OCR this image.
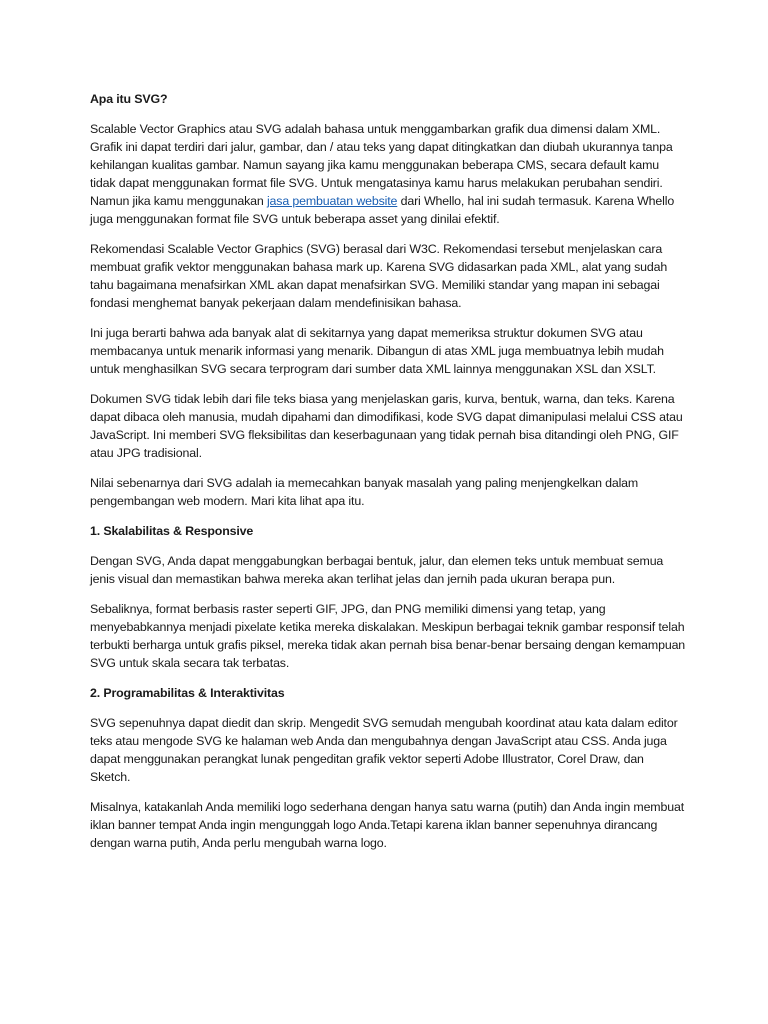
Apa itu SVG?

Scalable Vector Graphics atau SVG adalah bahasa untuk menggambarkan grafik dua dimensi dalam XML. Grafik ini dapat terdiri dari jalur, gambar, dan / atau teks yang dapat ditingkatkan dan diubah ukurannya tanpa kehilangan kualitas gambar. Namun sayang jika kamu menggunakan beberapa CMS, secara default kamu tidak dapat menggunakan format file SVG. Untuk mengatasinya kamu harus melakukan perubahan sendiri. Namun jika kamu menggunakan jasa pembuatan website dari Whello, hal ini sudah termasuk. Karena Whello juga menggunakan format file SVG untuk beberapa asset yang dinilai efektif.

Rekomendasi Scalable Vector Graphics (SVG) berasal dari W3C. Rekomendasi tersebut menjelaskan cara membuat grafik vektor menggunakan bahasa mark up. Karena SVG didasarkan pada XML, alat yang sudah tahu bagaimana menafsirkan XML akan dapat menafsirkan SVG. Memiliki standar yang mapan ini sebagai fondasi menghemat banyak pekerjaan dalam mendefinisikan bahasa.

Ini juga berarti bahwa ada banyak alat di sekitarnya yang dapat memeriksa struktur dokumen SVG atau membacanya untuk menarik informasi yang menarik. Dibangun di atas XML juga membuatnya lebih mudah untuk menghasilkan SVG secara terprogram dari sumber data XML lainnya menggunakan XSL dan XSLT.

Dokumen SVG tidak lebih dari file teks biasa yang menjelaskan garis, kurva, bentuk, warna, dan teks. Karena dapat dibaca oleh manusia, mudah dipahami dan dimodifikasi, kode SVG dapat dimanipulasi melalui CSS atau JavaScript. Ini memberi SVG fleksibilitas dan keserbagunaan yang tidak pernah bisa ditandingi oleh PNG, GIF atau JPG tradisional.

Nilai sebenarnya dari SVG adalah ia memecahkan banyak masalah yang paling menjengkelkan dalam pengembangan web modern. Mari kita lihat apa itu.

1. Skalabilitas & Responsive

Dengan SVG, Anda dapat menggabungkan berbagai bentuk, jalur, dan elemen teks untuk membuat semua jenis visual dan memastikan bahwa mereka akan terlihat jelas dan jernih pada ukuran berapa pun.

Sebaliknya, format berbasis raster seperti GIF, JPG, dan PNG memiliki dimensi yang tetap, yang menyebabkannya menjadi pixelate ketika mereka diskalakan. Meskipun berbagai teknik gambar responsif telah terbukti berharga untuk grafis piksel, mereka tidak akan pernah bisa benar-benar bersaing dengan kemampuan SVG untuk skala secara tak terbatas.

2. Programabilitas & Interaktivitas

SVG sepenuhnya dapat diedit dan skrip. Mengedit SVG semudah mengubah koordinat atau kata dalam editor teks atau mengode SVG ke halaman web Anda dan mengubahnya dengan JavaScript atau CSS. Anda juga dapat menggunakan perangkat lunak pengeditan grafik vektor seperti Adobe Illustrator, Corel Draw, dan Sketch.

Misalnya, katakanlah Anda memiliki logo sederhana dengan hanya satu warna (putih) dan Anda ingin membuat iklan banner tempat Anda ingin mengunggah logo Anda.Tetapi karena iklan banner sepenuhnya dirancang dengan warna putih, Anda perlu mengubah warna logo.
